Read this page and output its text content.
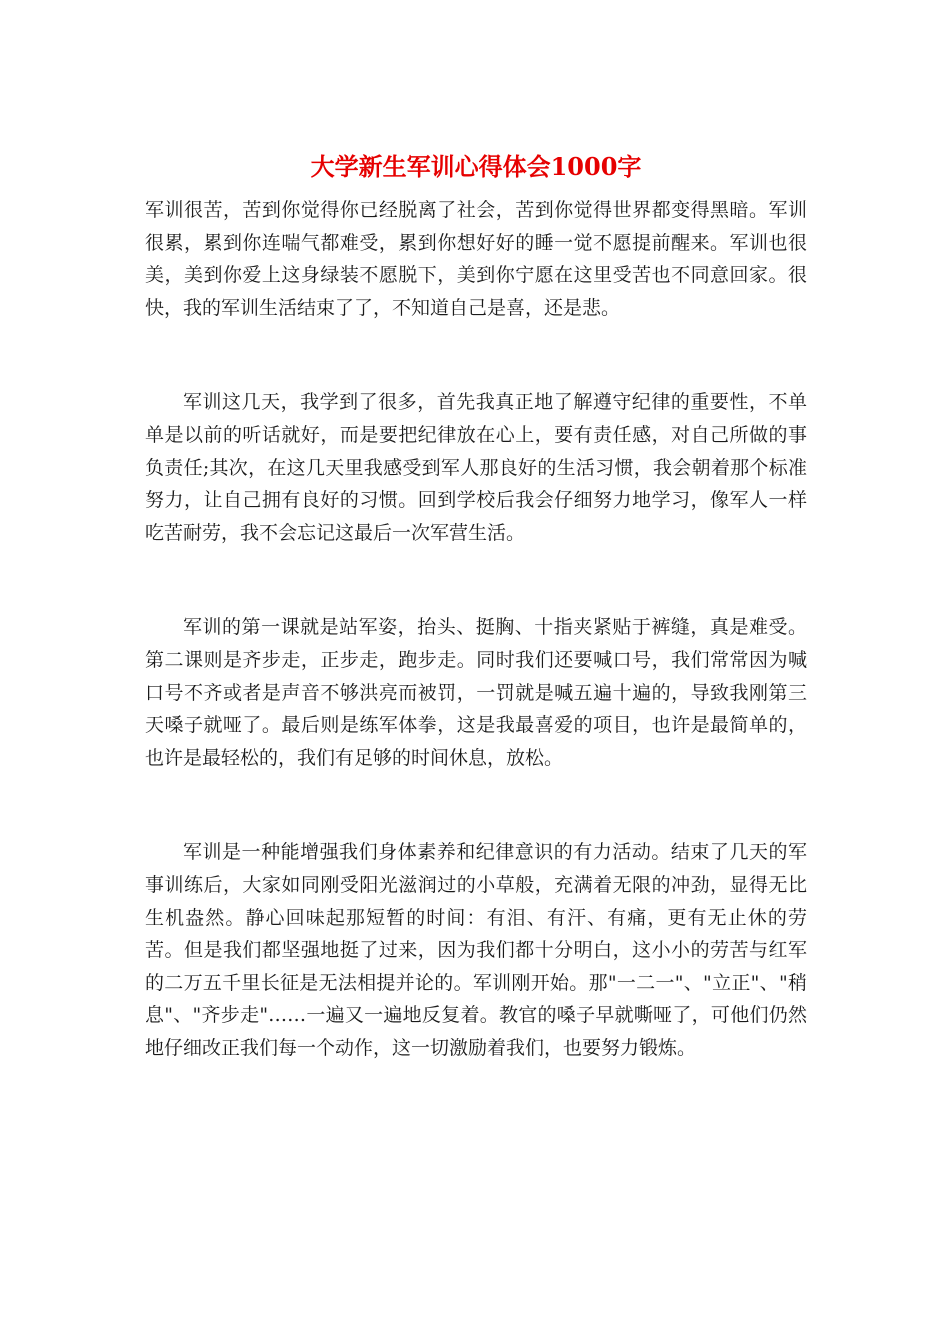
大学新生军训心得体会1000字

军训很苦，苦到你觉得你已经脱离了社会，苦到你觉得世界都变得黑暗。军训很累，累到你连喘气都难受，累到你想好好的睡一觉不愿提前醒来。军训也很美，美到你爱上这身绿装不愿脱下，美到你宁愿在这里受苦也不同意回家。很快，我的军训生活结束了了，不知道自己是喜，还是悲。

军训这几天，我学到了很多，首先我真正地了解遵守纪律的重要性，不单单是以前的听话就好，而是要把纪律放在心上，要有责任感，对自己所做的事负责任;其次，在这几天里我感受到军人那良好的生活习惯，我会朝着那个标准努力，让自己拥有良好的习惯。回到学校后我会仔细努力地学习，像军人一样吃苦耐劳，我不会忘记这最后一次军营生活。

军训的第一课就是站军姿，抬头、挺胸、十指夹紧贴于裤缝，真是难受。第二课则是齐步走，正步走，跑步走。同时我们还要喊口号，我们常常因为喊口号不齐或者是声音不够洪亮而被罚，一罚就是喊五遍十遍的，导致我刚第三天嗓子就哑了。最后则是练军体拳，这是我最喜爱的项目，也许是最简单的，也许是最轻松的，我们有足够的时间休息，放松。

军训是一种能增强我们身体素养和纪律意识的有力活动。结束了几天的军事训练后，大家如同刚受阳光滋润过的小草般，充满着无限的冲劲，显得无比生机盎然。静心回味起那短暂的时间：有泪、有汗、有痛，更有无止休的劳苦。但是我们都坚强地挺了过来，因为我们都十分明白，这小小的劳苦与红军的二万五千里长征是无法相提并论的。军训刚开始。那"一二一"、"立正"、"稍息"、"齐步走"……一遍又一遍地反复着。教官的嗓子早就嘶哑了，可他们仍然地仔细改正我们每一个动作，这一切激励着我们，也要努力锻炼。
